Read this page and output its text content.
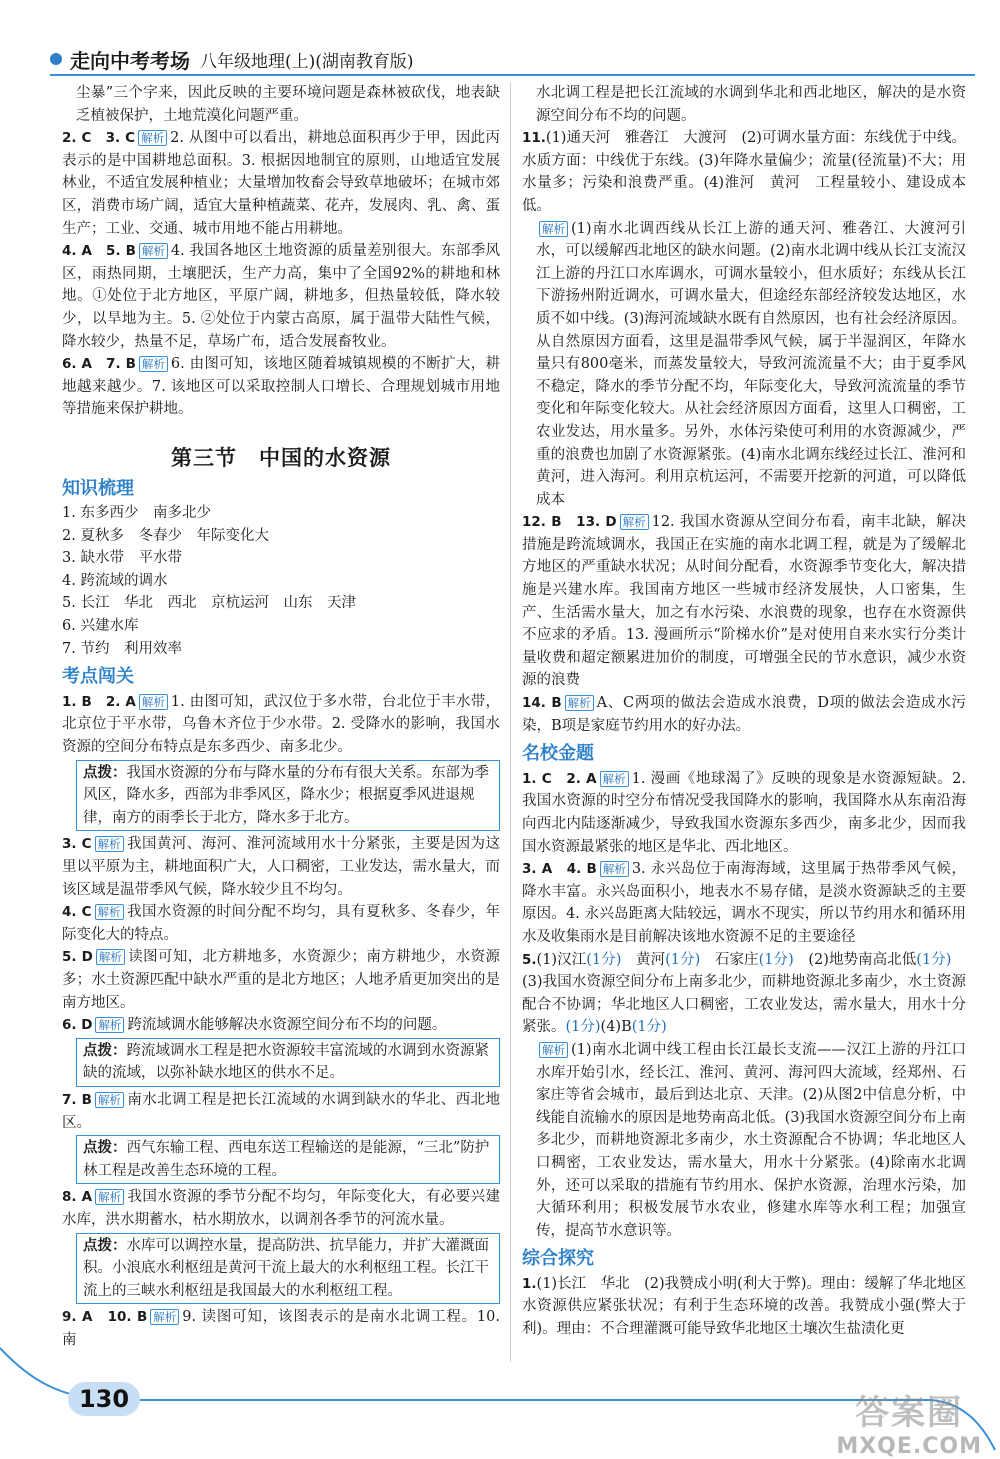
走向中考考场 八年级地理(上)(湖南教育版)

尘暴”三个字来，因此反映的主要环境问题是森林被砍伐，地表缺乏植被保护，土地荒漠化问题严重。

2. C　3. C 解析 2. 从图中可以看出，耕地总面积再少于甲，因此丙表示的是中国耕地总面积。3. 根据因地制宜的原则，山地适宜发展林业，不适宜发展种植业；大量增加牧畜会导致草地破坏；在城市郊区，消费市场广阔，适宜大量种植蔬菜、花卉，发展肉、乳、禽、蛋生产；工业、交通、城市用地不能占用耕地。

4. A　5. B 解析 4. 我国各地区土地资源的质量差别很大。东部季风区，雨热同期，土壤肥沃，生产力高，集中了全国92%的耕地和林地。①处位于北方地区，平原广阔，耕地多，但热量较低，降水较少，以旱地为主。5. ②处位于内蒙古高原，属于温带大陆性气候，降水较少，热量不足，草场广布，适合发展畜牧业。

6. A　7. B 解析 6. 由图可知，该地区随着城镇规模的不断扩大，耕地越来越少。7. 该地区可以采取控制人口增长、合理规划城市用地等措施来保护耕地。

第三节　中国的水资源
知识梳理
1. 东多西少　南多北少
2. 夏秋多　冬春少　年际变化大
3. 缺水带　平水带
4. 跨流域的调水
5. 长江　华北　西北　京杭运河　山东　天津
6. 兴建水库
7. 节约　利用效率
考点闯关

1. B　2. A 解析 1. 由图可知，武汉位于多水带，台北位于丰水带，北京位于平水带，乌鲁木齐位于少水带。2. 受降水的影响，我国水资源的空间分布特点是东多西少、南多北少。

点拨：我国水资源的分布与降水量的分布有很大关系。东部为季风区，降水多，西部为非季风区，降水少；根据夏季风进退规律，南方的雨季长于北方，降水多于北方。

3. C 解析 我国黄河、海河、淮河流域用水十分紧张，主要是因为这里以平原为主，耕地面积广大，人口稠密，工业发达，需水量大，而该区域是温带季风气候，降水较少且不均匀。

4. C 解析 我国水资源的时间分配不均匀，具有夏秋多、冬春少，年际变化大的特点。

5. D 解析 读图可知，北方耕地多，水资源少；南方耕地少，水资源多；水土资源匹配中缺水严重的是北方地区；人地矛盾更加突出的是南方地区。

6. D 解析 跨流域调水能够解决水资源空间分布不均的问题。

点拨：跨流域调水工程是把水资源较丰富流域的水调到水资源紧缺的流域，以弥补缺水地区的供水不足。

7. B 解析 南水北调工程是把长江流域的水调到缺水的华北、西北地区。

点拨：西气东输工程、西电东送工程输送的是能源，“三北”防护林工程是改善生态环境的工程。

8. A 解析 我国水资源的季节分配不均匀，年际变化大，有必要兴建水库，洪水期蓄水，枯水期放水，以调剂各季节的河流水量。

点拨：水库可以调控水量，提高防洪、抗旱能力，并扩大灌溉面积。小浪底水利枢纽是黄河干流上最大的水利枢纽工程。长江干流上的三峡水利枢纽是我国最大的水利枢纽工程。

9. A　10. B 解析 9. 读图可知，该图表示的是南水北调工程。10. 南

水北调工程是把长江流域的水调到华北和西北地区，解决的是水资源空间分布不均的问题。

11.(1)通天河　雅砻江　大渡河　(2)可调水量方面：东线优于中线。水质方面：中线优于东线。(3)年降水量偏少；流量(径流量)不大；用水量多；污染和浪费严重。(4)淮河　黄河　工程量较小、建设成本低。

解析 (1)南水北调西线从长江上游的通天河、雅砻江、大渡河引水，可以缓解西北地区的缺水问题。(2)南水北调中线从长江支流汉江上游的丹江口水库调水，可调水量较小，但水质好；东线从长江下游扬州附近调水，可调水量大，但途经东部经济较发达地区，水质不如中线。(3)海河流域缺水既有自然原因，也有社会经济原因。从自然原因方面看，这里是温带季风气候，属于半湿润区，年降水量只有800毫米，而蒸发量较大，导致河流流量不大；由于夏季风不稳定，降水的季节分配不均，年际变化大，导致河流流量的季节变化和年际变化较大。从社会经济原因方面看，这里人口稠密，工农业发达，用水量多。另外，水体污染使可利用的水资源减少，严重的浪费也加剧了水资源紧张。(4)南水北调东线经过长江、淮河和黄河，进入海河。利用京杭运河，不需要开挖新的河道，可以降低成本

12. B　13. D 解析 12. 我国水资源从空间分布看，南丰北缺，解决措施是跨流域调水，我国正在实施的南水北调工程，就是为了缓解北方地区的严重缺水状况；从时间分配看，水资源季节变化大，解决措施是兴建水库。我国南方地区一些城市经济发展快，人口密集，生产、生活需水量大，加之有水污染、水浪费的现象，也存在水资源供不应求的矛盾。13. 漫画所示“阶梯水价”是对使用自来水实行分类计量收费和超定额累进加价的制度，可增强全民的节水意识，减少水资源的浪费

14. B 解析 A、C两项的做法会造成水浪费，D项的做法会造成水污染，B项是家庭节约用水的好办法。

名校金题

1. C　2. A 解析 1. 漫画《地球渴了》反映的现象是水资源短缺。2. 我国水资源的时空分布情况受我国降水的影响，我国降水从东南沿海向西北内陆逐渐减少，导致我国水资源东多西少，南多北少，因而我国水资源最紧张的地区是华北、西北地区。

3. A　4. B 解析 3. 永兴岛位于南海海域，这里属于热带季风气候，降水丰富。永兴岛面积小，地表水不易存储，是淡水资源缺乏的主要原因。4. 永兴岛距离大陆较远，调水不现实，所以节约用水和循环用水及收集雨水是目前解决该地水资源不足的主要途径

5.(1)汉江(1分)　黄河(1分)　石家庄(1分)　(2)地势南高北低(1分)　(3)我国水资源空间分布上南多北少，而耕地资源北多南少，水土资源配合不协调；华北地区人口稠密，工农业发达，需水量大，用水十分紧张。(1分)(4)B(1分)

解析 (1)南水北调中线工程由长江最长支流——汉江上游的丹江口水库开始引水，经长江、淮河、黄河、海河四大流域，经郑州、石家庄等省会城市，最后到达北京、天津。(2)从图2中信息分析，中线能自流输水的原因是地势南高北低。(3)我国水资源空间分布上南多北少，而耕地资源北多南少，水土资源配合不协调；华北地区人口稠密，工农业发达，需水量大，用水十分紧张。(4)除南水北调外，还可以采取的措施有节约用水、保护水资源，治理水污染，加大循环利用；积极发展节水农业，修建水库等水利工程；加强宣传，提高节水意识等。

综合探究

1.(1)长江　华北　(2)我赞成小明(利大于弊)。理由：缓解了华北地区水资源供应紧张状况；有利于生态环境的改善。我赞成小强(弊大于利)。理由：不合理灌溉可能导致华北地区土壤次生盐渍化更

130	答案圈
MXQE.COM
